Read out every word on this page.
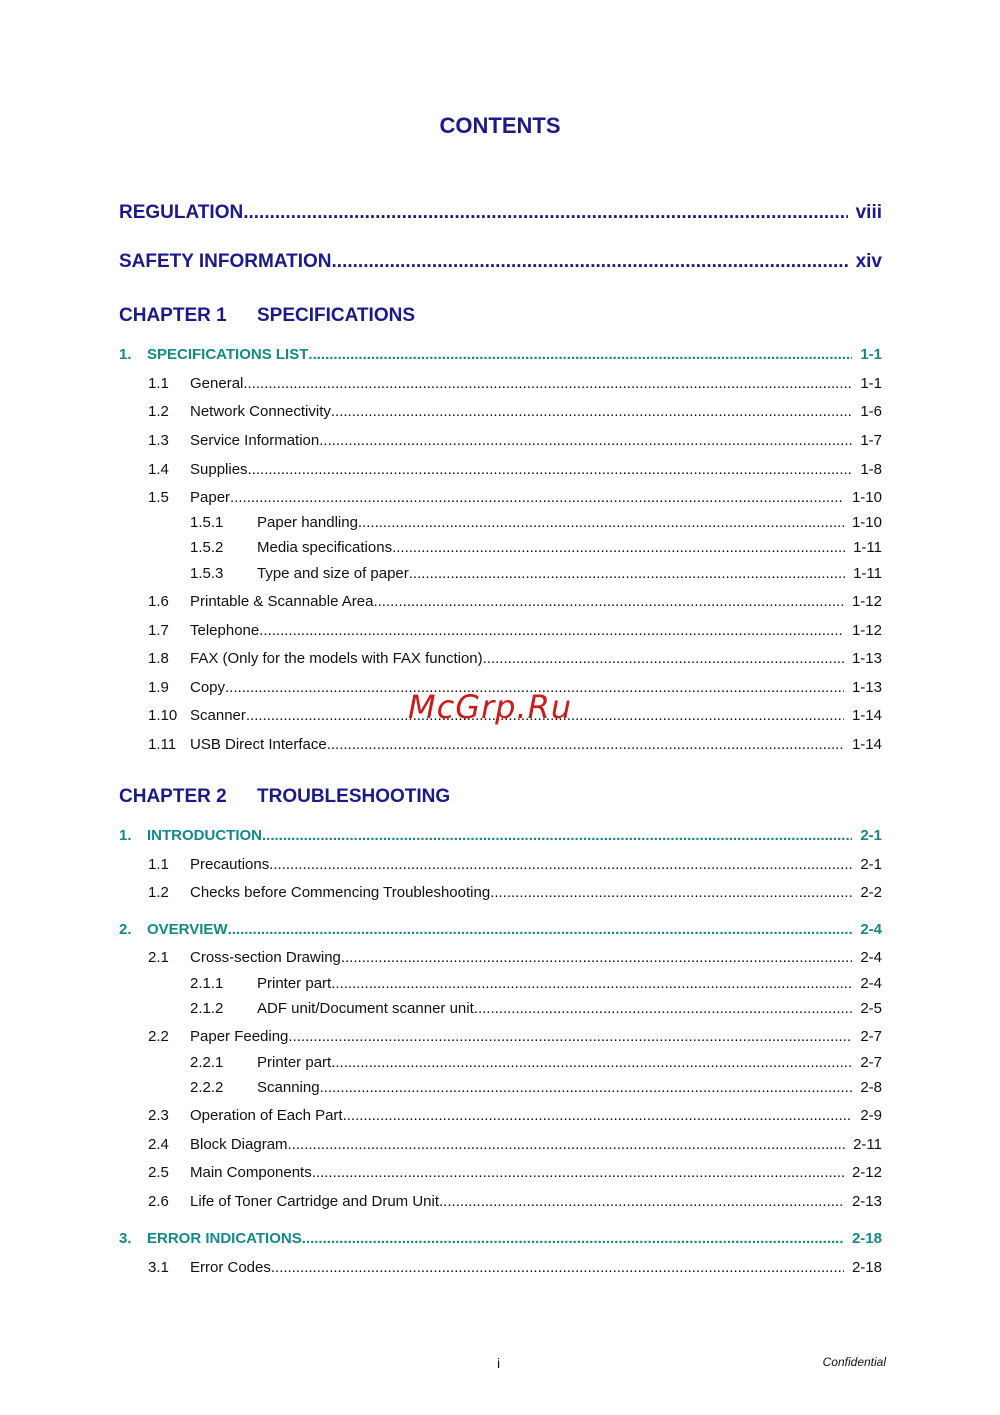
CONTENTS
REGULATION .....	viii
SAFETY INFORMATION .....	xiv
CHAPTER 1 SPECIFICATIONS
1. SPECIFICATIONS LIST .....	1-1
1.1 General .....	1-1
1.2 Network Connectivity .....	1-6
1.3 Service Information .....	1-7
1.4 Supplies .....	1-8
1.5 Paper .....	1-10
1.5.1 Paper handling .....	1-10
1.5.2 Media specifications .....	1-11
1.5.3 Type and size of paper .....	1-11
1.6 Printable & Scannable Area .....	1-12
1.7 Telephone .....	1-12
1.8 FAX (Only for the models with FAX function) .....	1-13
1.9 Copy .....	1-13
1.10 Scanner .....	1-14
1.11 USB Direct Interface .....	1-14
CHAPTER 2 TROUBLESHOOTING
1. INTRODUCTION .....	2-1
1.1 Precautions .....	2-1
1.2 Checks before Commencing Troubleshooting .....	2-2
2. OVERVIEW .....	2-4
2.1 Cross-section Drawing .....	2-4
2.1.1 Printer part .....	2-4
2.1.2 ADF unit/Document scanner unit .....	2-5
2.2 Paper Feeding .....	2-7
2.2.1 Printer part .....	2-7
2.2.2 Scanning .....	2-8
2.3 Operation of Each Part .....	2-9
2.4 Block Diagram .....	2-11
2.5 Main Components .....	2-12
2.6 Life of Toner Cartridge and Drum Unit .....	2-13
3. ERROR INDICATIONS .....	2-18
3.1 Error Codes .....	2-18
McGrp.Ru
i	Confidential
